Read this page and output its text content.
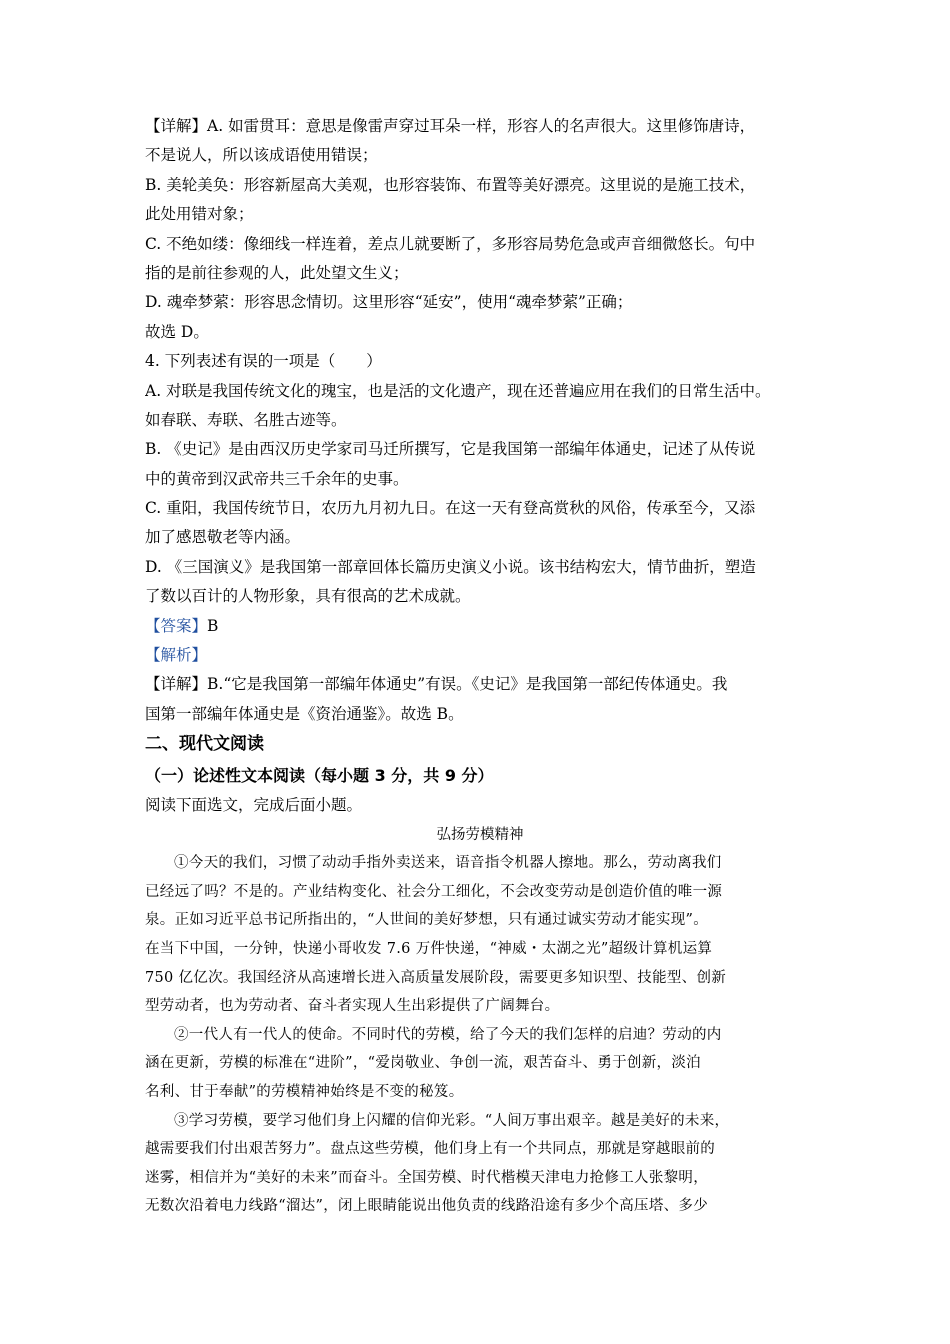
【详解】A. 如雷贯耳：意思是像雷声穿过耳朵一样，形容人的名声很大。这里修饰唐诗，
不是说人，所以该成语使用错误；
B. 美轮美奂：形容新屋高大美观，也形容装饰、布置等美好漂亮。这里说的是施工技术，
此处用错对象；
C. 不绝如缕：像细线一样连着，差点儿就要断了，多形容局势危急或声音细微悠长。句中
指的是前往参观的人，此处望文生义；
D. 魂牵梦萦：形容思念情切。这里形容“延安”，使用“魂牵梦萦”正确；
故选 D。
4. 下列表述有误的一项是（　　）
A. 对联是我国传统文化的瑰宝，也是活的文化遗产，现在还普遍应用在我们的日常生活中。
如春联、寿联、名胜古迹等。
B. 《史记》是由西汉历史学家司马迁所撰写，它是我国第一部编年体通史，记述了从传说
中的黄帝到汉武帝共三千余年的史事。
C. 重阳，我国传统节日，农历九月初九日。在这一天有登高赏秋的风俗，传承至今，又添
加了感恩敬老等内涵。
D. 《三国演义》是我国第一部章回体长篇历史演义小说。该书结构宏大，情节曲折，塑造
了数以百计的人物形象，具有很高的艺术成就。
【答案】B
【解析】
【详解】B.“它是我国第一部编年体通史”有误。《史记》是我国第一部纪传体通史。我
国第一部编年体通史是《资治通鉴》。故选 B。
二、现代文阅读
（一）论述性文本阅读（每小题 3 分，共 9 分）
阅读下面选文，完成后面小题。
弘扬劳模精神
①今天的我们，习惯了动动手指外卖送来，语音指令机器人擦地。那么，劳动离我们
已经远了吗？不是的。产业结构变化、社会分工细化，不会改变劳动是创造价值的唯一源
泉。正如习近平总书记所指出的，“人世间的美好梦想，只有通过诚实劳动才能实现”。
在当下中国，一分钟，快递小哥收发 7.6 万件快递，“神威・太湖之光”超级计算机运算
750 亿亿次。我国经济从高速增长进入高质量发展阶段，需要更多知识型、技能型、创新
型劳动者，也为劳动者、奋斗者实现人生出彩提供了广阔舞台。
②一代人有一代人的使命。不同时代的劳模，给了今天的我们怎样的启迪？劳动的内
涵在更新，劳模的标准在“进阶”，“爱岗敬业、争创一流，艰苦奋斗、勇于创新，淡泊
名利、甘于奉献”的劳模精神始终是不变的秘笈。
③学习劳模，要学习他们身上闪耀的信仰光彩。“人间万事出艰辛。越是美好的未来，
越需要我们付出艰苦努力”。盘点这些劳模，他们身上有一个共同点，那就是穿越眼前的
迷雾，相信并为“美好的未来”而奋斗。全国劳模、时代楷模天津电力抢修工人张黎明，
无数次沿着电力线路“溜达”，闭上眼睛能说出他负责的线路沿途有多少个高压塔、多少
